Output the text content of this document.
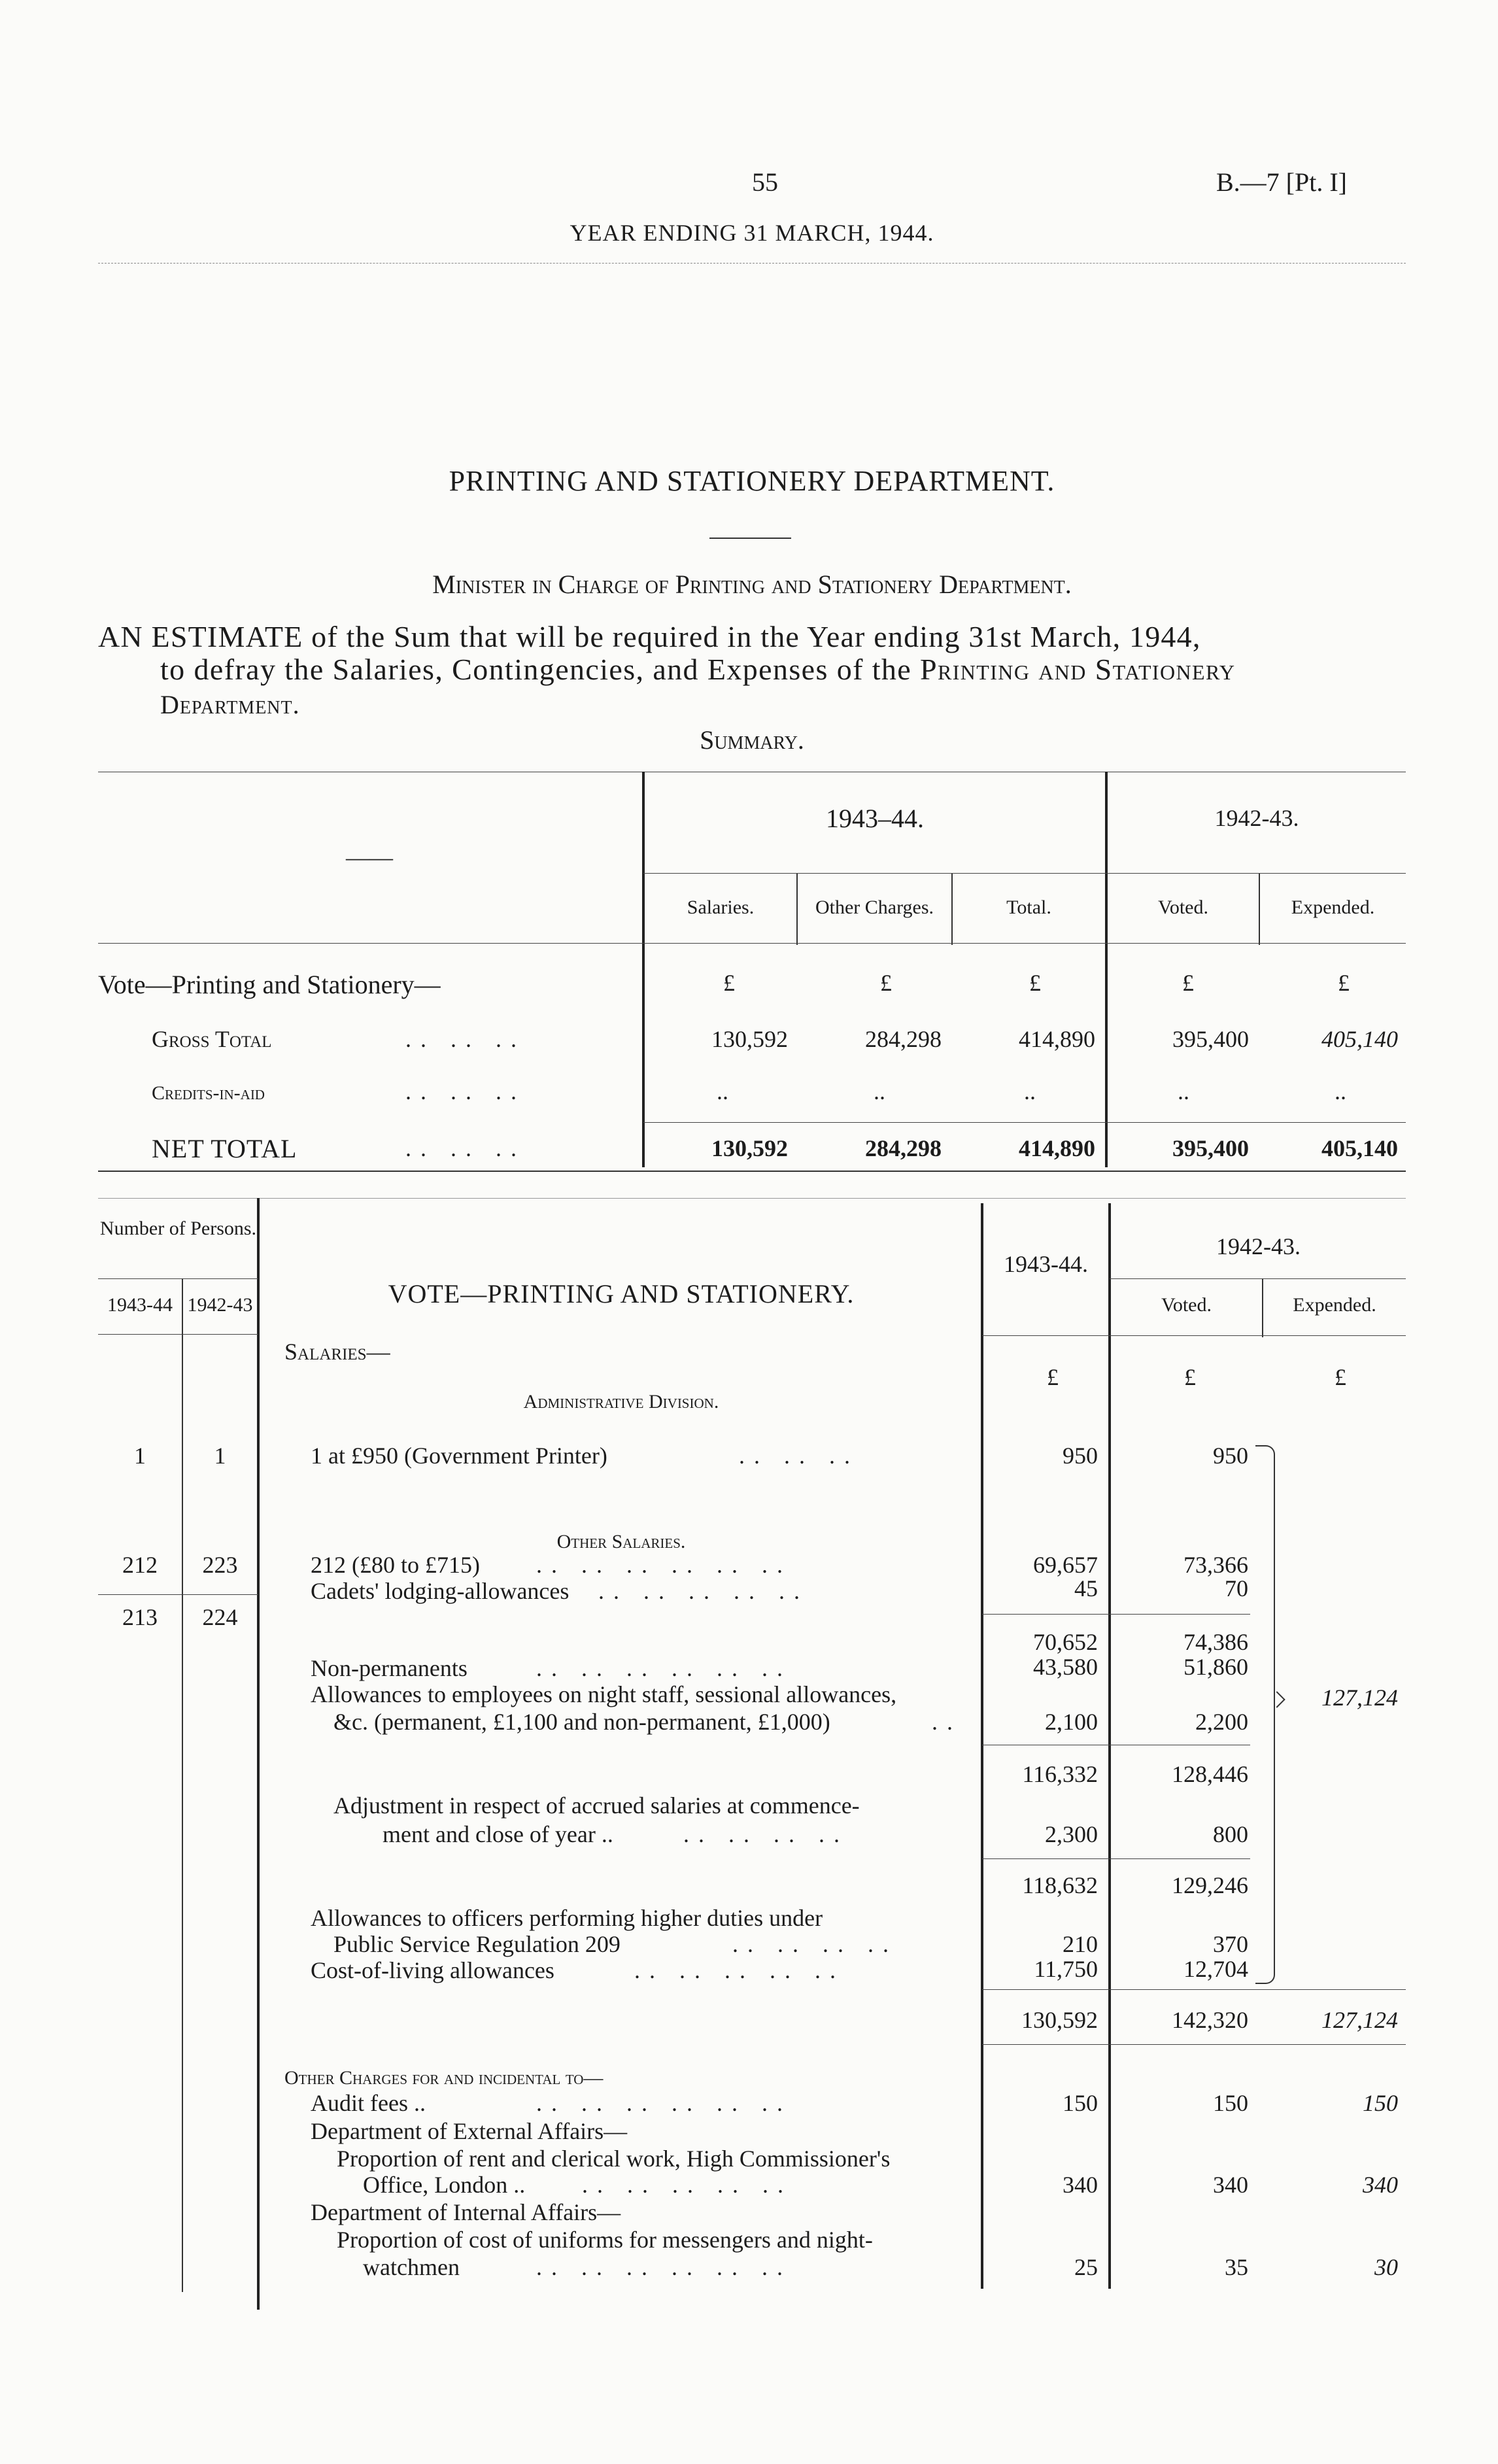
55	B.—7 [Pt. I]
YEAR ENDING 31 MARCH, 1944.
PRINTING AND STATIONERY DEPARTMENT.
Minister in Charge of Printing and Stationery Department.
AN ESTIMATE of the Sum that will be required in the Year ending 31st March, 1944,
to defray the Salaries, Contingencies, and Expenses of the Printing and Stationery
Department.
Summary.
——
1943–44.	1942-43.
Salaries.	Other Charges.	Total.	Voted.	Expended.
Vote—Printing and Stationery—	£	£	£	£	£
Gross Total	.. .. ..	130,592	284,298	414,890	395,400	405,140
Credits-in-aid	.. .. ..	..	..	..	..	..
NET TOTAL	.. .. ..	130,592	284,298	414,890	395,400	405,140
Number of Persons.
1943-44 1942-43	VOTE—PRINTING AND STATIONERY.
1943-44.
1942-43.
Voted.	Expended.
Salaries—
£	£	£
Administrative Division.
1	1	1 at £950 (Government Printer)	.. .. ..	950	950
Other Salaries.
212	223	212 (£80 to £715) .. .. .. .. .. ..	69,657	73,366
Cadets' lodging-allowances .. .. .. .. ..	45	70
213	224
70,652	74,386
Non-permanents	.. .. .. .. .. ..	43,580	51,860
Allowances to employees on night staff, sessional allowances,
&c. (permanent, £1,100 and non-permanent, £1,000)	..	2,100	2,200
116,332	128,446
Adjustment in respect of accrued salaries at commence-
ment and close of year ..	.. .. .. ..	2,300	800
118,632	129,246
Allowances to officers performing higher duties under
Public Service Regulation 209	.. .. .. ..	210	370
Cost-of-living allowances	.. .. .. .. ..	11,750	12,704
127,124
130,592	142,320	127,124
Other Charges for and incidental to—
Audit fees ..	.. .. .. .. .. ..	150	150	150
Department of External Affairs—
Proportion of rent and clerical work, High Commissioner's
Office, London .. .. .. .. .. ..	340	340	340
Department of Internal Affairs—
Proportion of cost of uniforms for messengers and night-
watchmen	.. .. .. .. .. ..	25	35	30
